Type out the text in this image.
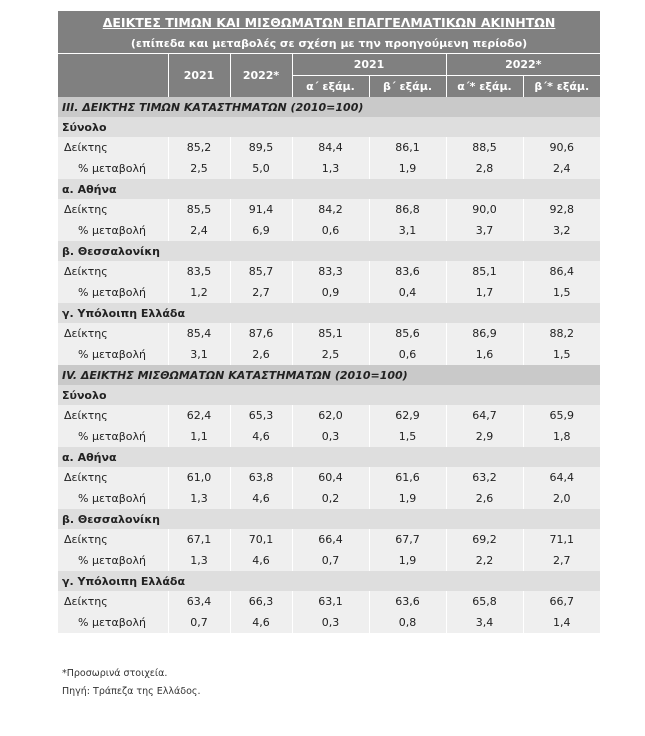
ΔΕΙΚΤΕΣ ΤΙΜΩΝ ΚΑΙ ΜΙΣΘΩΜΑΤΩΝ ΕΠΑΓΓΕΛΜΑΤΙΚΩΝ ΑΚΙΝΗΤΩΝ						
(επίπεδα και μεταβολές σε σχέση με την προηγούμενη περίοδο)						
	2021	2022*	2021		2022*	
			α΄ εξάμ.	β΄ εξάμ.	α΄* εξάμ.	β΄* εξάμ.
III. ΔΕΙΚΤΗΣ ΤΙΜΩΝ ΚΑΤΑΣΤΗΜΑΤΩΝ (2010=100)						
Σύνολο						
Δείκτης	85,2	89,5	84,4	86,1	88,5	90,6
% μεταβολή	2,5	5,0	1,3	1,9	2,8	2,4
α. Αθήνα						
Δείκτης	85,5	91,4	84,2	86,8	90,0	92,8
% μεταβολή	2,4	6,9	0,6	3,1	3,7	3,2
β. Θεσσαλονίκη						
Δείκτης	83,5	85,7	83,3	83,6	85,1	86,4
% μεταβολή	1,2	2,7	0,9	0,4	1,7	1,5
γ. Υπόλοιπη Ελλάδα						
Δείκτης	85,4	87,6	85,1	85,6	86,9	88,2
% μεταβολή	3,1	2,6	2,5	0,6	1,6	1,5
IV. ΔΕΙΚΤΗΣ ΜΙΣΘΩΜΑΤΩΝ ΚΑΤΑΣΤΗΜΑΤΩΝ (2010=100)						
Σύνολο						
Δείκτης	62,4	65,3	62,0	62,9	64,7	65,9
% μεταβολή	1,1	4,6	0,3	1,5	2,9	1,8
α. Αθήνα						
Δείκτης	61,0	63,8	60,4	61,6	63,2	64,4
% μεταβολή	1,3	4,6	0,2	1,9	2,6	2,0
β. Θεσσαλονίκη						
Δείκτης	67,1	70,1	66,4	67,7	69,2	71,1
% μεταβολή	1,3	4,6	0,7	1,9	2,2	2,7
γ. Υπόλοιπη Ελλάδα						
Δείκτης	63,4	66,3	63,1	63,6	65,8	66,7
% μεταβολή	0,7	4,6	0,3	0,8	3,4	1,4
*Προσωρινά στοιχεία.
Πηγή: Τράπεζα της Ελλάδος.
